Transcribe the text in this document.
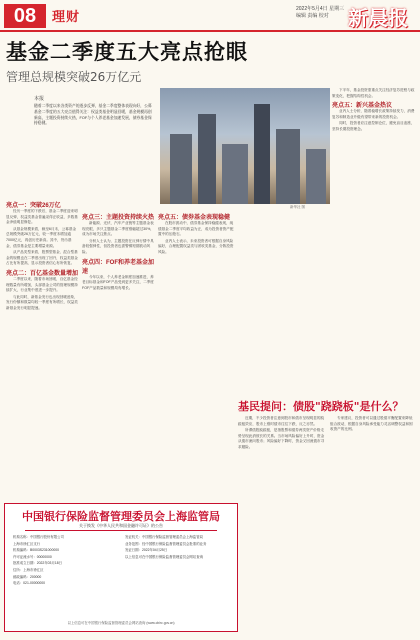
08	理财	2022年5月4日 星期三
编辑 责编 校对 新晨报
基金二季度五大亮点抢眼
管理总规模突破26万亿元
本报
随着二季度以来各类资产的逐步反弹，基金二季度整体表现向好，公募基金二季度的五大亮点值得关注：权益类基金明显回暖，基金规模再创新高，主题投资持续火热，FOF与个人养老基金加速发展，债券基金保持稳健。
新华社 图
亮点一：突破26万亿

经历一季度的下跌后，基金二季度迎来明显反弹，权益类基金普遍录得正收益，多数基金净值明显修复。

从基金规模来看，截至6月末，公募基金总规模突破26万亿元，较一季度末增加逾7000亿元，再创历史新高。其中，货币基金、债券基金是主要增量来源。

从产品类型来看，股票型基金、混合型基金的规模也在二季度出现了回升，权益类基金占比有所提高，显示投资者信心有所恢复。

亮点二：百亿基金数量增加

二季度以来，随着市场回暖，百亿基金经理数量有所增加，头部基金公司的管理规模持续扩大，行业集中度进一步提升。

与此同时，新基金发行也出现回暖迹象，发行份额和数量均较一季度有所增长，权益类新基金发行明显提速。

亮点三：主题投资持续火热

新能源、光伏、汽车产业链等主题基金表现亮眼，多只主题基金二季度涨幅超过30%，成为市场关注焦点。

分析人士认为，主题投资在反弹行情中具备较强弹性，但投资者也需警惕短期波动风险。

亮点四：FOF和养老基金加速

今年以来，个人养老金制度加速推进，养老目标基金和FOF产品受到更多关注，二季度FOF产品数量和规模均有增长。

亮点五：债券基金表现稳健

在股市波动中，债券基金保持稳健表现，纯债基金二季度平均收益为正，成为投资者资产配置中的压舱石。

业内人士表示，未来投资者可根据自身风险偏好，合理配置权益类与固收类基金，分散投资风险。

下半年，基金投资需重点关注经济复苏进程与政策变化，把握结构性机会。

亮点五：新兴基金热议

业内人士分析，随着稳增长政策持续发力，消费复苏和制造业升级有望带来新的投资机会。

同时，投资者应注意控制仓位，避免盲目追涨，坚持长期投资理念。

基民提问：债股"跷跷板"是什么？

近期，不少投资者注意到股市和债市呈现明显的跷跷板效应，股市上涨时债市往往下跌，反之亦然。

所谓债股跷跷板，是指股票和债券两类资产价格走势呈现此消彼长的关系。当市场风险偏好上升时，资金从债市流向股市；风险偏好下降时，资金又回流债市寻求避险。

专家建议，投资者可以通过股债平衡配置来降低组合波动，根据自身风险承受能力灵活调整权益和固收资产的比例。

中国银行保险监督管理委员会上海监管局
关于换发《中华人民共和国金融许可证》的公告
机构名称：中国银行股份有限公司
上海市徐汇区支行
机构编码：B0003S231000000
许可证流水号：00000000
批准成立日期：2022年03月18日
住所：上海市徐汇区
邮政编码：200000
电话：021-00000000
发证机关：中国银行保险监督管理委员会上海监管局
业务范围：经中国银行保险监督管理委员会批准的业务
发证日期：2022年04月25日
以上信息可在中国银行保险监督管理委员会网站查询
以上信息可在中国银行保险监督管理委员会网站查询 (www.cbirc.gov.cn)
